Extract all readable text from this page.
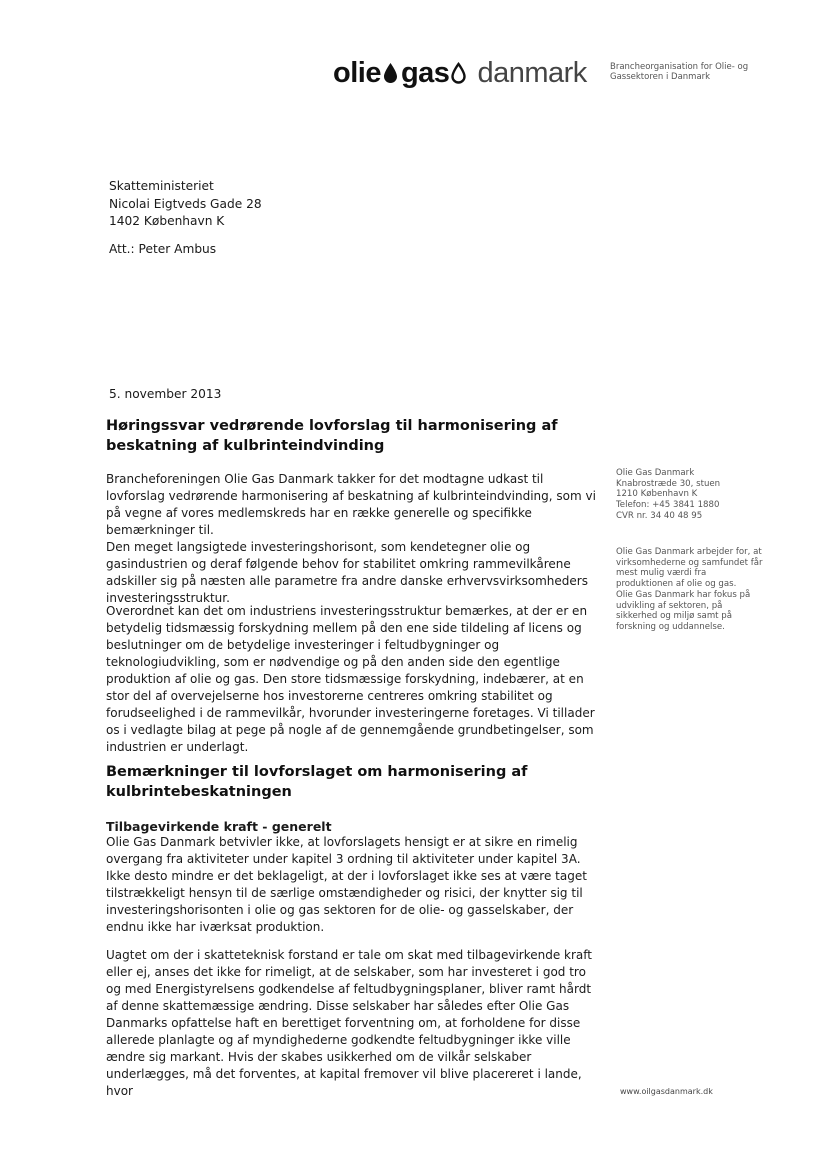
olie gas danmark	Brancheorganisation for Olie- og
Gassektoren i Danmark

Skatteministeriet

Nicolai Eigtveds Gade 28

1402 København K

Att.: Peter Ambus
5. november 2013
Høringssvar vedrørende lovforslag til harmonisering af beskatning af kulbrinteindvinding

Brancheforeningen Olie Gas Danmark takker for det modtagne udkast til lovforslag vedrørende harmonisering af beskatning af kulbrinteindvinding, som vi på vegne af vores medlemskreds har en række generelle og specifikke bemærkninger til.

Den meget langsigtede investeringshorisont, som kendetegner olie og gasindustrien og deraf følgende behov for stabilitet omkring rammevilkårene adskiller sig på næsten alle parametre fra andre danske erhvervsvirksomheders investeringsstruktur.

Overordnet kan det om industriens investeringsstruktur bemærkes, at der er en betydelig tidsmæssig forskydning mellem på den ene side tildeling af licens og beslutninger om de betydelige investeringer i feltudbygninger og teknologiudvikling, som er nødvendige og på den anden side den egentlige produktion af olie og gas. Den store tidsmæssige forskydning, indebærer, at en stor del af overvejelserne hos investorerne centreres omkring stabilitet og forudseelighed i de rammevilkår, hvorunder investeringerne foretages. Vi tillader os i vedlagte bilag at pege på nogle af de gennemgående grundbetingelser, som industrien er underlagt.

Bemærkninger til lovforslaget om harmonisering af kulbrintebeskatningen

Tilbagevirkende kraft - generelt

Olie Gas Danmark betvivler ikke, at lovforslagets hensigt er at sikre en rimelig overgang fra aktiviteter under kapitel 3 ordning til aktiviteter under kapitel 3A. Ikke desto mindre er det beklageligt, at der i lovforslaget ikke ses at være taget tilstrækkeligt hensyn til de særlige omstændigheder og risici, der knytter sig til investeringshorisonten i olie og gas sektoren for de olie- og gasselskaber, der endnu ikke har iværksat produktion.

Uagtet om der i skatteteknisk forstand er tale om skat med tilbagevirkende kraft eller ej, anses det ikke for rimeligt, at de selskaber, som har investeret i god tro og med Energistyrelsens godkendelse af feltudbygningsplaner, bliver ramt hårdt af denne skattemæssige ændring. Disse selskaber har således efter Olie Gas Danmarks opfattelse haft en berettiget forventning om, at forholdene for disse allerede planlagte og af myndighederne godkendte feltudbygninger ikke ville ændre sig markant. Hvis der skabes usikkerhed om de vilkår selskaber underlægges, må det forventes, at kapital fremover vil blive placereret i lande, hvor

Olie Gas Danmark

Knabrostræde 30, stuen

1210 København K

Telefon: +45 3841 1880

CVR nr. 34 40 48 95

Olie Gas Danmark arbejder for, at virksomhederne og samfundet får mest mulig værdi fra produktionen af olie og gas.

Olie Gas Danmark har fokus på udvikling af sektoren, på sikkerhed og miljø samt på forskning og uddannelse.

www.oilgasdanmark.dk
